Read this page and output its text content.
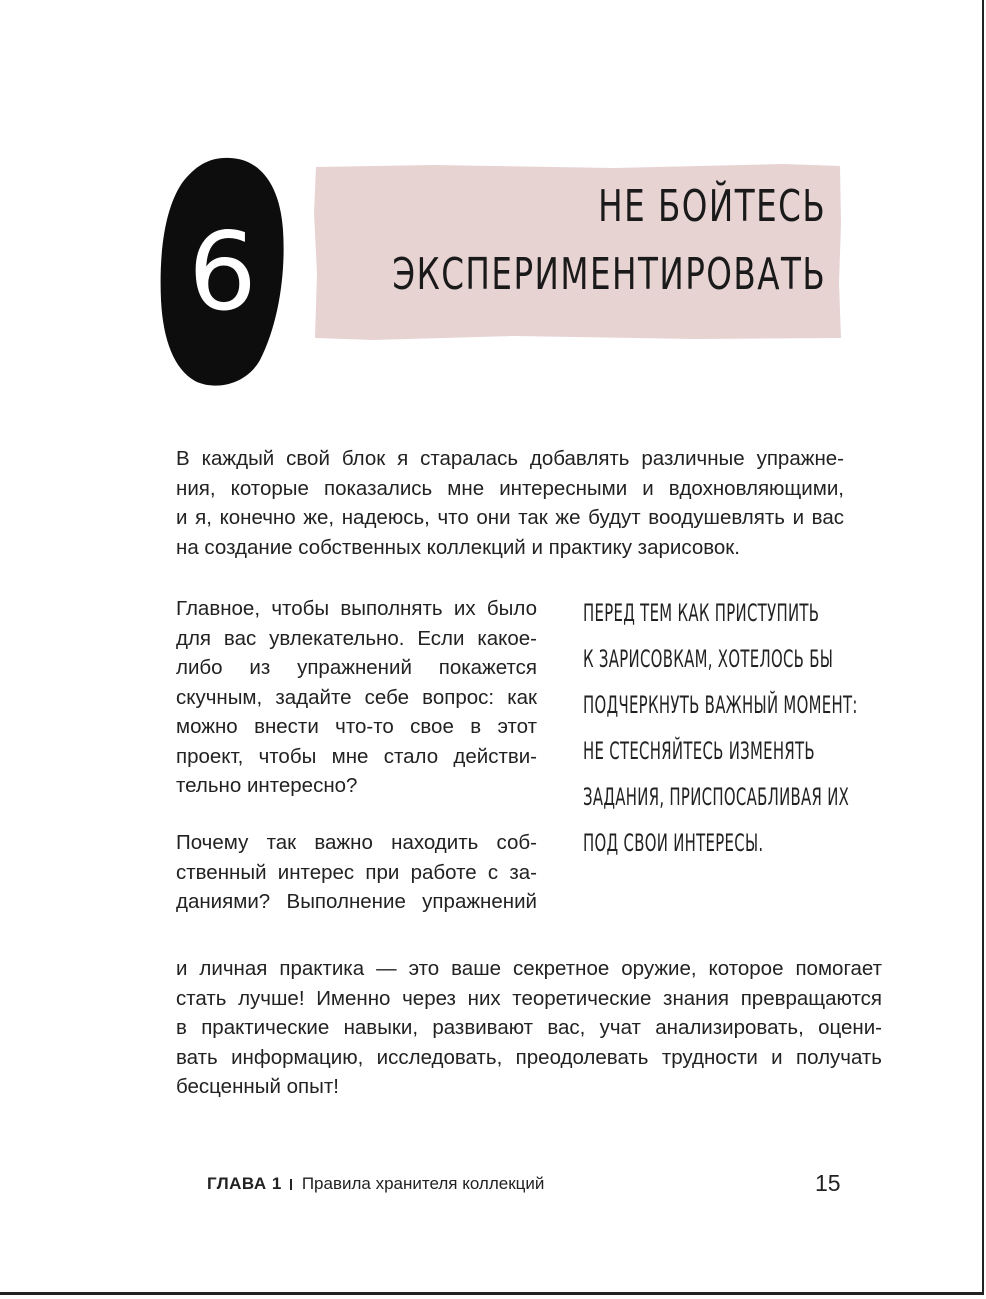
6
НЕ БОЙТЕСЬ
ЭКСПЕРИМЕНТИРОВАТЬ

В каждый свой блок я старалась добавлять различные упражне-
ния, которые показались мне интересными и вдохновляющими,
и я, конечно же, надеюсь, что они так же будут воодушевлять и вас
на создание собственных коллекций и практику зарисовок.

Главное, чтобы выполнять их было
для вас увлекательно. Если какое-
либо из упражнений покажется
скучным, задайте себе вопрос: как
можно внести что-то свое в этот
проект, чтобы мне стало действи-
тельно интересно?

Почему так важно находить соб-
ственный интерес при работе с за-
даниями? Выполнение упражнений

ПЕРЕД ТЕМ КАК ПРИСТУПИТЬ
К ЗАРИСОВКАМ, ХОТЕЛОСЬ БЫ
ПОДЧЕРКНУТЬ ВАЖНЫЙ МОМЕНТ:
НЕ СТЕСНЯЙТЕСЬ ИЗМЕНЯТЬ
ЗАДАНИЯ, ПРИСПОСАБЛИВАЯ ИХ
ПОД СВОИ ИНТЕРЕСЫ.

и личная практика — это ваше секретное оружие, которое помогает
стать лучше! Именно через них теоретические знания превращаются
в практические навыки, развивают вас, учат анализировать, оцени-
вать информацию, исследовать, преодолевать трудности и получать
бесценный опыт!

ГЛАВА 1 Правила хранителя коллекций	15
